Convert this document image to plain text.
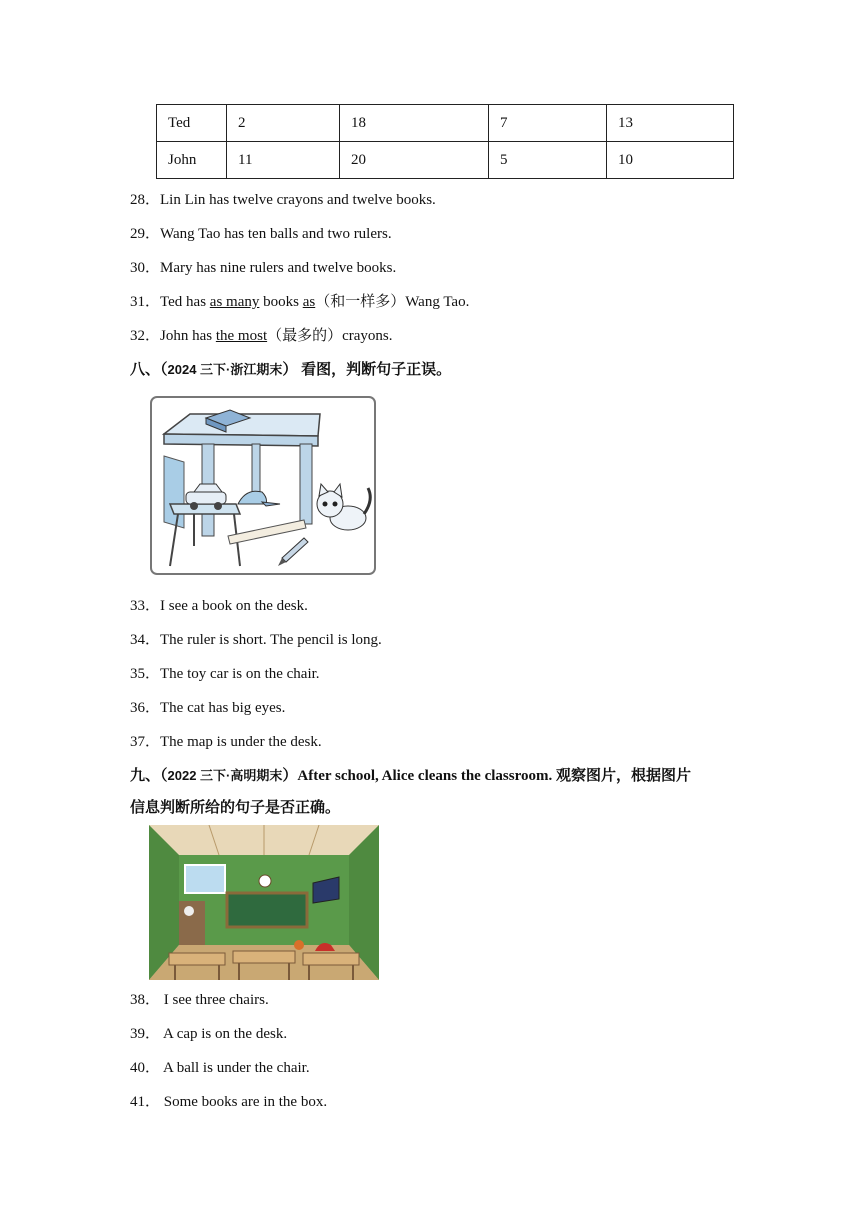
Ted	2	18	7	13
John	11	20	5	10
28．Lin Lin has twelve crayons and twelve books.
29．Wang Tao has ten balls and two rulers.
30．Mary has nine rulers and twelve books.
31．Ted has as many books as（和一样多）Wang Tao.
32．John has the most（最多的）crayons.
八、（2024 三下·浙江期末） 看图，判断句子正误。
33．I see a book on the desk.
34．The ruler is short. The pencil is long.
35．The toy car is on the chair.
36．The cat has big eyes.
37．The map is under the desk.
九、（2022 三下·高明期末）After school, Alice cleans the classroom. 观察图片，根据图片
信息判断所给的句子是否正确。
38． I see three chairs.
39． A cap is on the desk.
40． A ball is under the chair.
41． Some books are in the box.
